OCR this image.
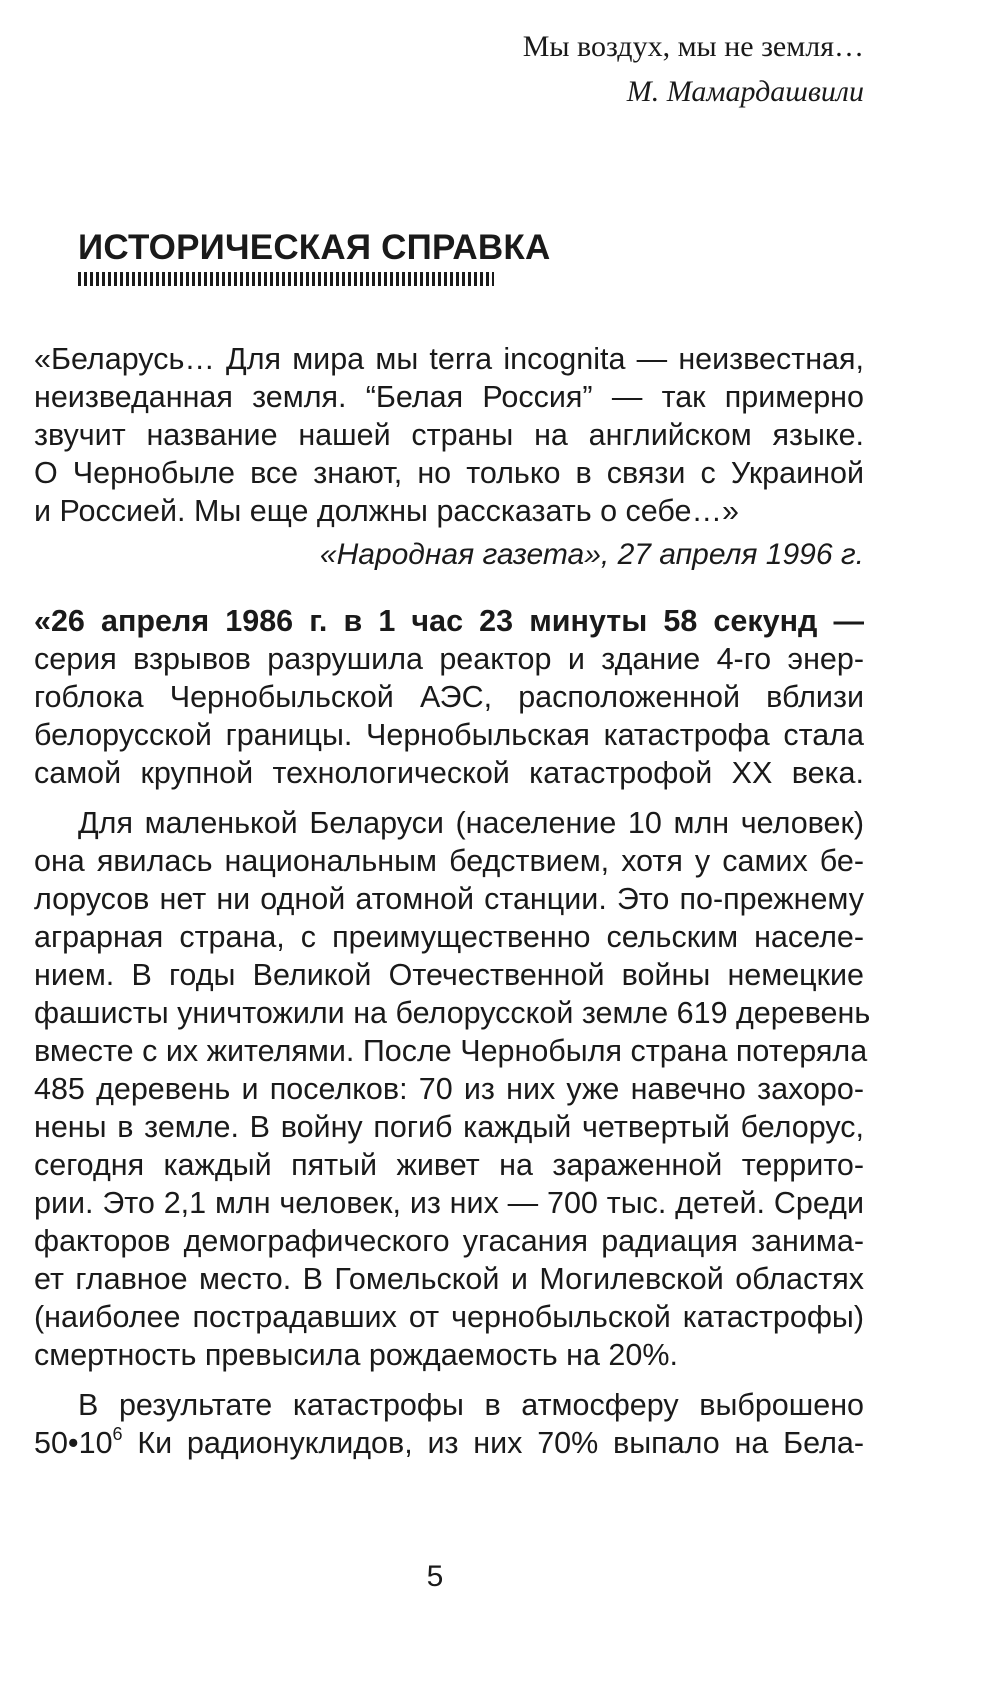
Мы воздух, мы не земля…
М. Мамардашвили
ИСТОРИЧЕСКАЯ СПРАВКА
«Беларусь… Для мира мы terra incognita — неизвестная,
неизведанная земля. “Белая Россия” — так примерно
звучит название нашей страны на английском языке.
О Чернобыле все знают, но только в связи с Украиной
и Россией. Мы еще должны рассказать о себе…»
«Народная газета», 27 апреля 1996 г.
«26 апреля 1986 г. в 1 час 23 минуты 58 секунд —
серия взрывов разрушила реактор и здание 4-го энер-
гоблока Чернобыльской АЭС, расположенной вблизи
белорусской границы. Чернобыльская катастрофа стала
самой крупной технологической катастрофой XX века.
Для маленькой Беларуси (население 10 млн человек)
она явилась национальным бедствием, хотя у самих бе-
лорусов нет ни одной атомной станции. Это по-прежнему
аграрная страна, с преимущественно сельским населе-
нием. В годы Великой Отечественной войны немецкие
фашисты уничтожили на белорусской земле 619 деревень
вместе с их жителями. После Чернобыля страна потеряла
485 деревень и поселков: 70 из них уже навечно захоро-
нены в земле. В войну погиб каждый четвертый белорус,
сегодня каждый пятый живет на зараженной террито-
рии. Это 2,1 млн человек, из них — 700 тыс. детей. Среди
факторов демографического угасания радиация занима-
ет главное место. В Гомельской и Могилевской областях
(наиболее пострадавших от чернобыльской катастрофы)
смертность превысила рождаемость на 20%.
В результате катастрофы в атмосферу выброшено
$50•10^6$ Ки радионуклидов, из них 70% выпало на Бела-
5
